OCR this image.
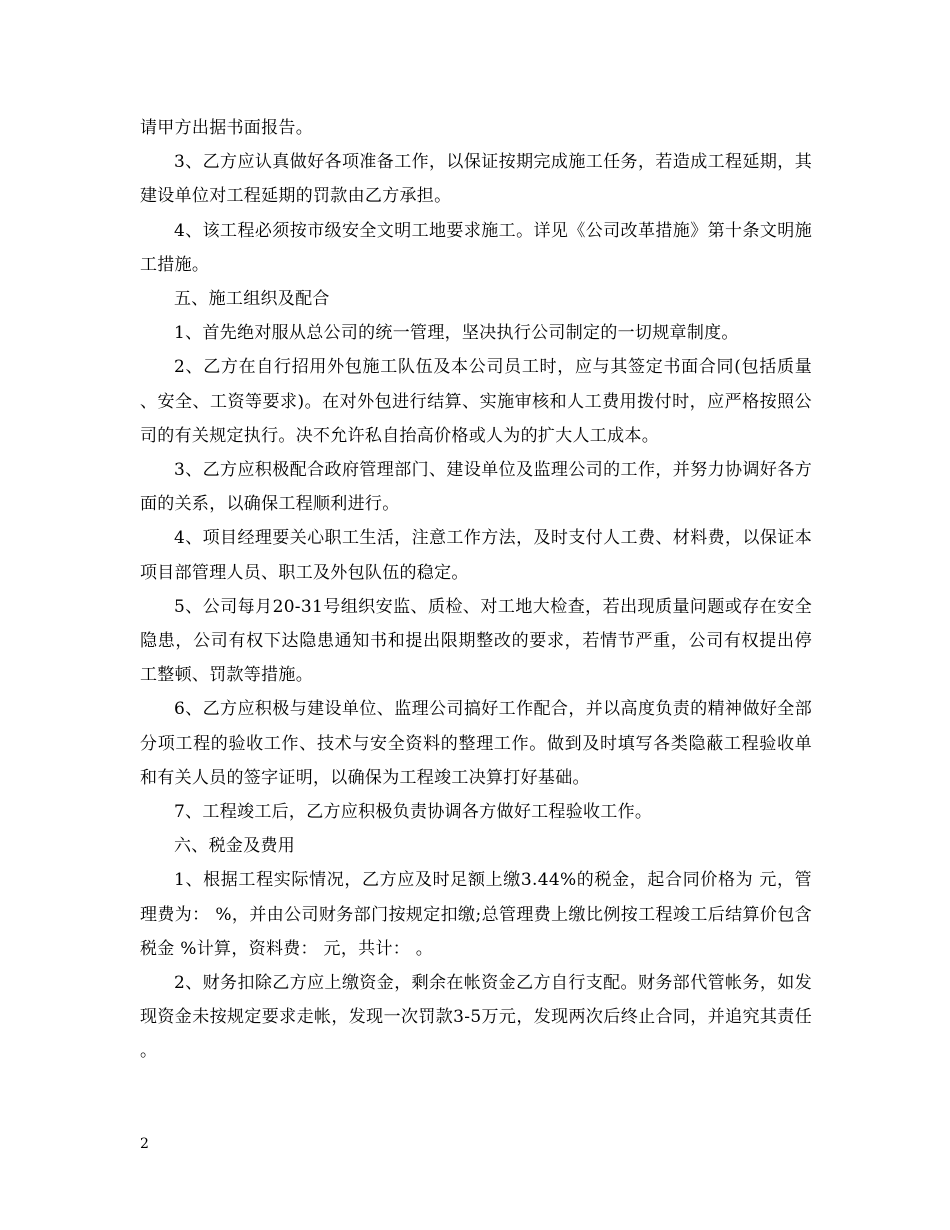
请甲方出据书面报告。

3、乙方应认真做好各项准备工作，以保证按期完成施工任务，若造成工程延期，其建设单位对工程延期的罚款由乙方承担。

4、该工程必须按市级安全文明工地要求施工。详见《公司改革措施》第十条文明施工措施。

五、施工组织及配合

1、首先绝对服从总公司的统一管理，坚决执行公司制定的一切规章制度。

2、乙方在自行招用外包施工队伍及本公司员工时，应与其签定书面合同(包括质量、安全、工资等要求)。在对外包进行结算、实施审核和人工费用拨付时，应严格按照公司的有关规定执行。决不允许私自抬高价格或人为的扩大人工成本。

3、乙方应积极配合政府管理部门、建设单位及监理公司的工作，并努力协调好各方面的关系，以确保工程顺利进行。

4、项目经理要关心职工生活，注意工作方法，及时支付人工费、材料费，以保证本项目部管理人员、职工及外包队伍的稳定。

5、公司每月20-31号组织安监、质检、对工地大检查，若出现质量问题或存在安全隐患，公司有权下达隐患通知书和提出限期整改的要求，若情节严重，公司有权提出停工整顿、罚款等措施。

6、乙方应积极与建设单位、监理公司搞好工作配合，并以高度负责的精神做好全部分项工程的验收工作、技术与安全资料的整理工作。做到及时填写各类隐蔽工程验收单和有关人员的签字证明，以确保为工程竣工决算打好基础。

7、工程竣工后，乙方应积极负责协调各方做好工程验收工作。

六、税金及费用

1、根据工程实际情况，乙方应及时足额上缴3.44%的税金，起合同价格为 元，管理费为： %，并由公司财务部门按规定扣缴;总管理费上缴比例按工程竣工后结算价包含税金 %计算，资料费： 元，共计： 。

2、财务扣除乙方应上缴资金，剩余在帐资金乙方自行支配。财务部代管帐务，如发现资金未按规定要求走帐，发现一次罚款3-5万元，发现两次后终止合同，并追究其责任。

2
